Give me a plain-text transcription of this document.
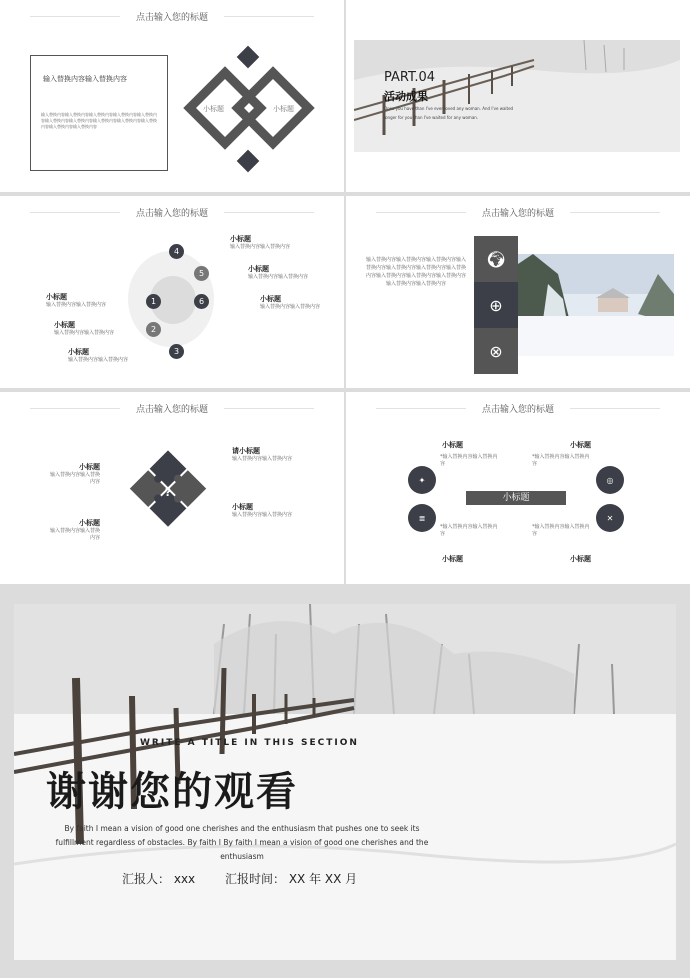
点击输入您的标题
输入替换内容输入替换内容
输入替换内容输入替换内容输入替换内容输入替换内容输入替换内容输入替换内容输入替换内容输入替换内容输入替换内容输入替换内容输入替换内容输入替换内容
小标题	小标题
PART.04
活动成果
Once you have than I've ever loved any woman. And I've waited
longer for you than I've waited for any woman.
点击输入您的标题
1
2
3
4
5
6
小标题
输入替换内容输入替换内容
小标题
输入替换内容输入替换内容
小标题
输入替换内容输入替换内容
小标题
输入替换内容输入替换内容
小标题
输入替换内容输入替换内容
小标题
输入替换内容输入替换内容
点击输入您的标题
输入替换内容输入替换内容输入替换内容输入替换内容输入替换内容输入替换内容输入替换内容输入替换内容输入替换内容输入替换内容输入替换内容输入替换内容
🌍︎
⊕
⊗
点击输入您的标题
?
请小标题
输入替换内容输入替换内容
小标题
输入替换内容输入替换内容
小标题
输入替换内容输入替换内容
小标题
输入替换内容输入替换内容
点击输入您的标题
小标题
✦
≣
◎
✕
小标题
*输入替换内容输入替换内容
小标题
*输入替换内容输入替换内容
*输入替换内容输入替换内容
小标题
*输入替换内容输入替换内容
小标题
WRITE A TITLE IN THIS SECTION
谢谢您的观看
By faith I mean a vision of good one cherishes and the enthusiasm that pushes one to seek its
fulfillment regardless of obstacles. By faith I By faith I mean a vision of good one cherishes and the
enthusiasm
汇报人： xxx 汇报时间： XX 年 XX 月
